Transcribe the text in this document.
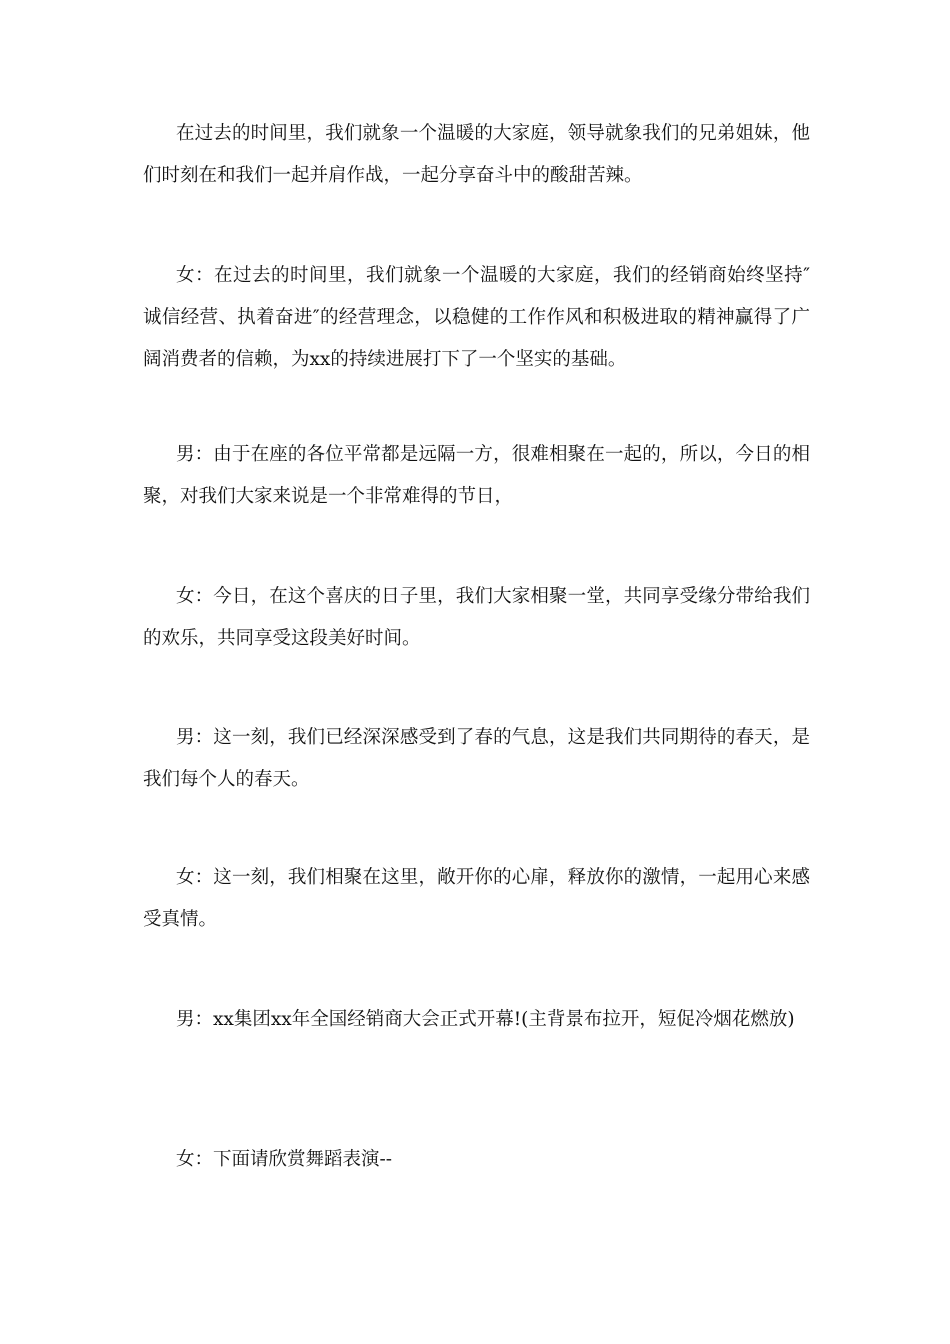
在过去的时间里，我们就象一个温暖的大家庭，领导就象我们的兄弟姐妹，他们时刻在和我们一起并肩作战，一起分享奋斗中的酸甜苦辣。

女：在过去的时间里，我们就象一个温暖的大家庭，我们的经销商始终坚持″诚信经营、执着奋进″的经营理念，以稳健的工作作风和积极进取的精神赢得了广阔消费者的信赖，为xx的持续进展打下了一个坚实的基础。

男：由于在座的各位平常都是远隔一方，很难相聚在一起的，所以，今日的相聚，对我们大家来说是一个非常难得的节日，

女：今日，在这个喜庆的日子里，我们大家相聚一堂，共同享受缘分带给我们的欢乐，共同享受这段美好时间。

男：这一刻，我们已经深深感受到了春的气息，这是我们共同期待的春天，是我们每个人的春天。

女：这一刻，我们相聚在这里，敞开你的心扉，释放你的激情，一起用心来感受真情。

男：xx集团xx年全国经销商大会正式开幕!(主背景布拉开，短促冷烟花燃放)

女：下面请欣赏舞蹈表演--
